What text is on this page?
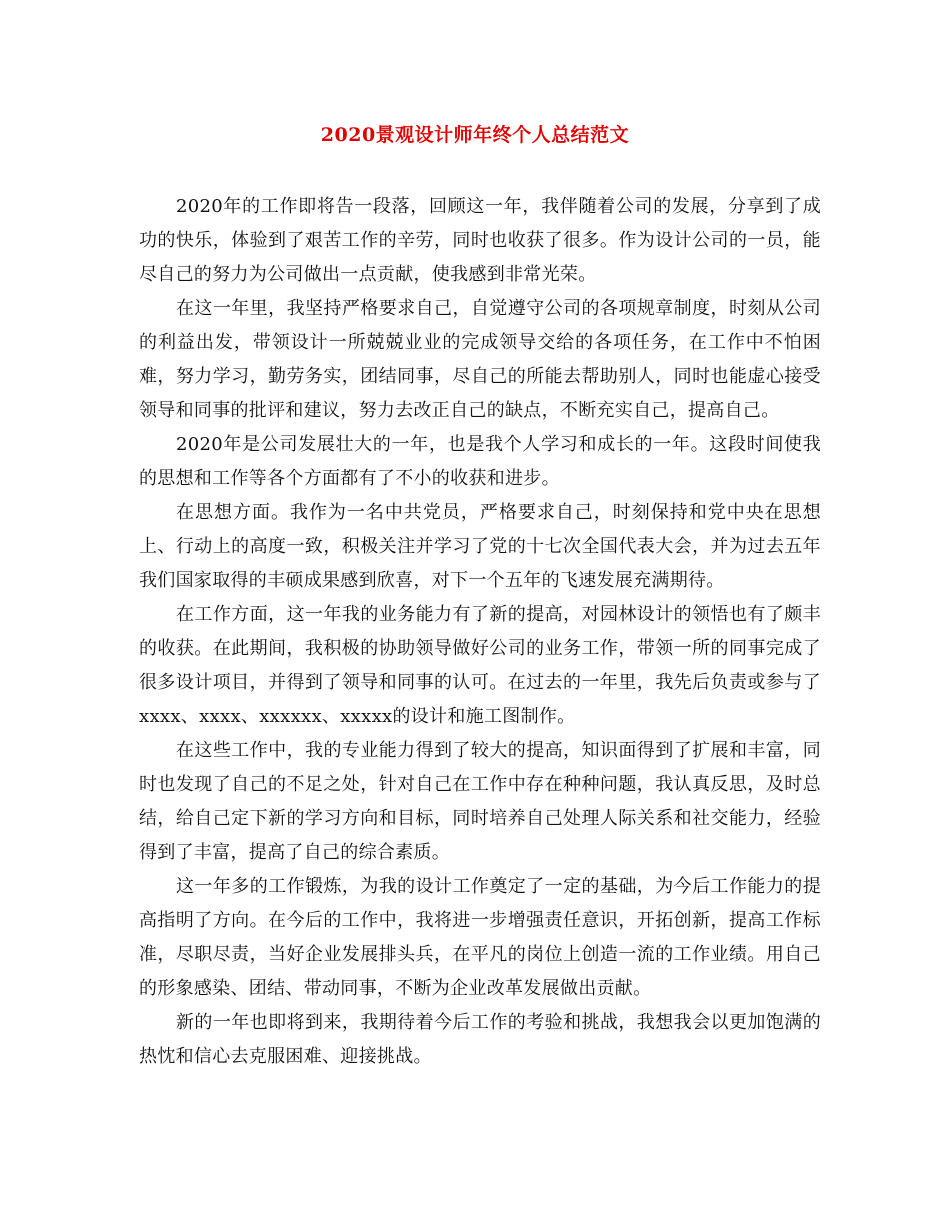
2020景观设计师年终个人总结范文

2020年的工作即将告一段落，回顾这一年，我伴随着公司的发展，分享到了成功的快乐，体验到了艰苦工作的辛劳，同时也收获了很多。作为设计公司的一员，能尽自己的努力为公司做出一点贡献，使我感到非常光荣。

在这一年里，我坚持严格要求自己，自觉遵守公司的各项规章制度，时刻从公司的利益出发，带领设计一所兢兢业业的完成领导交给的各项任务，在工作中不怕困难，努力学习，勤劳务实，团结同事，尽自己的所能去帮助别人，同时也能虚心接受领导和同事的批评和建议，努力去改正自己的缺点，不断充实自己，提高自己。

2020年是公司发展壮大的一年，也是我个人学习和成长的一年。这段时间使我的思想和工作等各个方面都有了不小的收获和进步。

在思想方面。我作为一名中共党员，严格要求自己，时刻保持和党中央在思想上、行动上的高度一致，积极关注并学习了党的十七次全国代表大会，并为过去五年我们国家取得的丰硕成果感到欣喜，对下一个五年的飞速发展充满期待。

在工作方面，这一年我的业务能力有了新的提高，对园林设计的领悟也有了颇丰的收获。在此期间，我积极的协助领导做好公司的业务工作，带领一所的同事完成了很多设计项目，并得到了领导和同事的认可。在过去的一年里，我先后负责或参与了xxxx、xxxx、xxxxxx、xxxxx的设计和施工图制作。

在这些工作中，我的专业能力得到了较大的提高，知识面得到了扩展和丰富，同时也发现了自己的不足之处，针对自己在工作中存在种种问题，我认真反思，及时总结，给自己定下新的学习方向和目标，同时培养自己处理人际关系和社交能力，经验得到了丰富，提高了自己的综合素质。

这一年多的工作锻炼，为我的设计工作奠定了一定的基础，为今后工作能力的提高指明了方向。在今后的工作中，我将进一步增强责任意识，开拓创新，提高工作标准，尽职尽责，当好企业发展排头兵，在平凡的岗位上创造一流的工作业绩。用自己的形象感染、团结、带动同事，不断为企业改革发展做出贡献。

新的一年也即将到来，我期待着今后工作的考验和挑战，我想我会以更加饱满的热忱和信心去克服困难、迎接挑战。
